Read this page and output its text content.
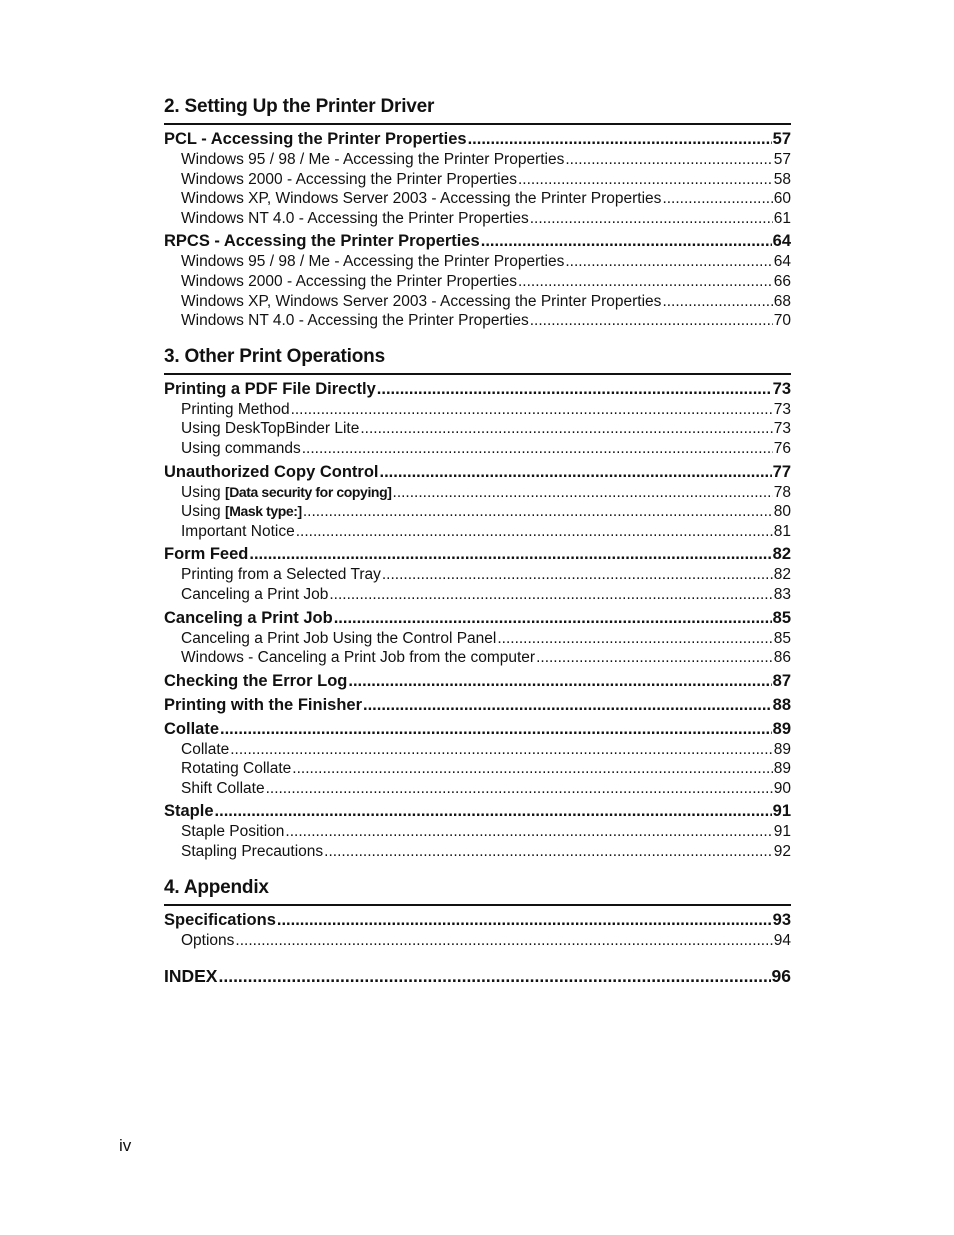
2. Setting Up the Printer Driver
PCL - Accessing the Printer Properties .....	57
Windows 95 / 98 / Me - Accessing the Printer Properties .....	57
Windows 2000 - Accessing the Printer Properties .....	58
Windows XP, Windows Server 2003 - Accessing the Printer Properties .....	60
Windows NT 4.0 - Accessing the Printer Properties .....	61
RPCS - Accessing the Printer Properties .....	64
Windows 95 / 98 / Me - Accessing the Printer Properties .....	64
Windows 2000 - Accessing the Printer Properties .....	66
Windows XP, Windows Server 2003 - Accessing the Printer Properties .....	68
Windows NT 4.0 - Accessing the Printer Properties .....	70
3. Other Print Operations
Printing a PDF File Directly .....	73
Printing Method .....	73
Using DeskTopBinder Lite .....	73
Using commands .....	76
Unauthorized Copy Control .....	77
Using [Data security for copying] .....	78
Using [Mask type:] .....	80
Important Notice .....	81
Form Feed .....	82
Printing from a Selected Tray .....	82
Canceling a Print Job .....	83
Canceling a Print Job .....	85
Canceling a Print Job Using the Control Panel .....	85
Windows - Canceling a Print Job from the computer .....	86
Checking the Error Log .....	87
Printing with the Finisher .....	88
Collate .....	89
Collate .....	89
Rotating Collate .....	89
Shift Collate .....	90
Staple .....	91
Staple Position .....	91
Stapling Precautions .....	92
4. Appendix
Specifications .....	93
Options .....	94
INDEX .....	96
iv
